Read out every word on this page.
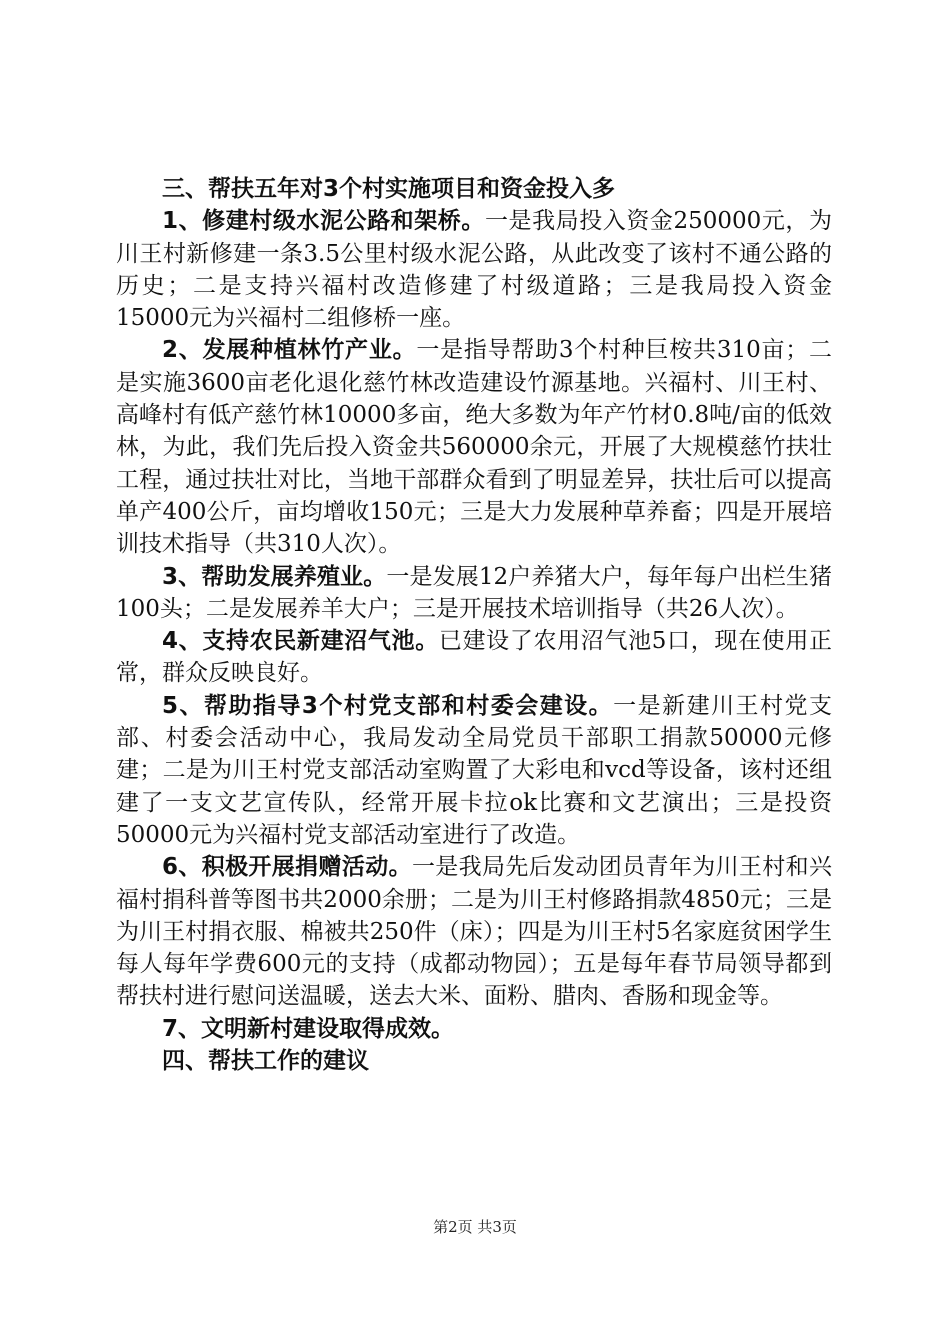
三、帮扶五年对3个村实施项目和资金投入多

1、修建村级水泥公路和架桥。一是我局投入资金250000元，为川王村新修建一条3.5公里村级水泥公路，从此改变了该村不通公路的历史；二是支持兴福村改造修建了村级道路；三是我局投入资金15000元为兴福村二组修桥一座。

2、发展种植林竹产业。一是指导帮助3个村种巨桉共310亩；二是实施3600亩老化退化慈竹林改造建设竹源基地。兴福村、川王村、高峰村有低产慈竹林10000多亩，绝大多数为年产竹材0.8吨/亩的低效林，为此，我们先后投入资金共560000余元，开展了大规模慈竹扶壮工程，通过扶壮对比，当地干部群众看到了明显差异，扶壮后可以提高单产400公斤，亩均增收150元；三是大力发展种草养畜；四是开展培训技术指导（共310人次）。

3、帮助发展养殖业。一是发展12户养猪大户，每年每户出栏生猪100头；二是发展养羊大户；三是开展技术培训指导（共26人次）。

4、支持农民新建沼气池。已建设了农用沼气池5口，现在使用正常，群众反映良好。

5、帮助指导3个村党支部和村委会建设。一是新建川王村党支部、村委会活动中心，我局发动全局党员干部职工捐款50000元修建；二是为川王村党支部活动室购置了大彩电和vcd等设备，该村还组建了一支文艺宣传队，经常开展卡拉ok比赛和文艺演出；三是投资50000元为兴福村党支部活动室进行了改造。

6、积极开展捐赠活动。一是我局先后发动团员青年为川王村和兴福村捐科普等图书共2000余册；二是为川王村修路捐款4850元；三是为川王村捐衣服、棉被共250件（床）；四是为川王村5名家庭贫困学生每人每年学费600元的支持（成都动物园）；五是每年春节局领导都到帮扶村进行慰问送温暖，送去大米、面粉、腊肉、香肠和现金等。

7、文明新村建设取得成效。

四、帮扶工作的建议

第2页 共3页
